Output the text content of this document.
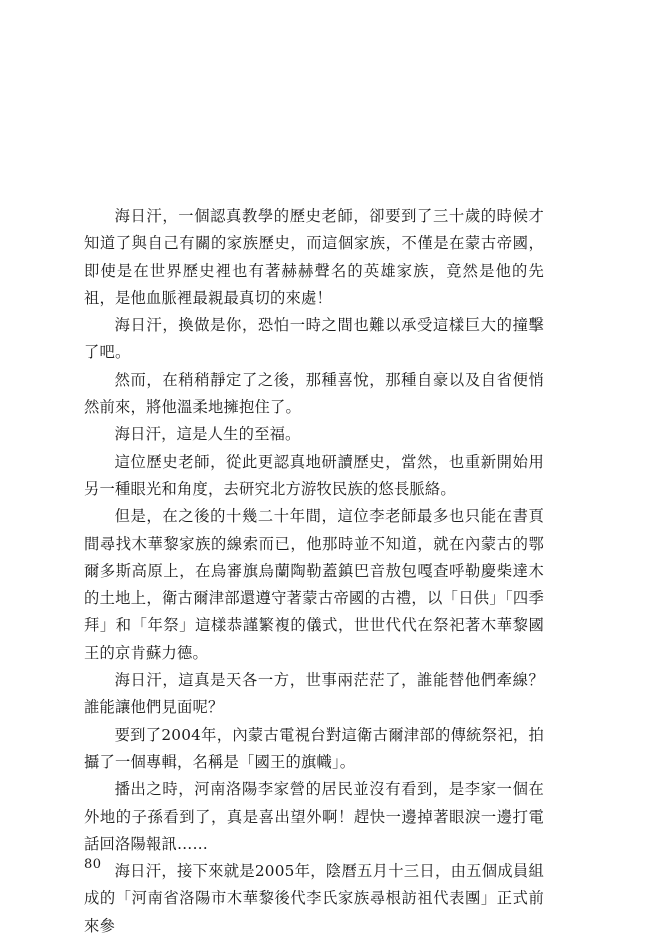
海日汗，一個認真教學的歷史老師，卻要到了三十歲的時候才知道了與自己有關的家族歷史，而這個家族，不僅是在蒙古帝國，即使是在世界歷史裡也有著赫赫聲名的英雄家族，竟然是他的先祖，是他血脈裡最親最真切的來處！

海日汗，換做是你，恐怕一時之間也難以承受這樣巨大的撞擊了吧。

然而，在稍稍靜定了之後，那種喜悅，那種自豪以及自省便悄然前來，將他溫柔地擁抱住了。

海日汗，這是人生的至福。

這位歷史老師，從此更認真地研讀歷史，當然，也重新開始用另一種眼光和角度，去研究北方游牧民族的悠長脈絡。

但是，在之後的十幾二十年間，這位李老師最多也只能在書頁間尋找木華黎家族的線索而已，他那時並不知道，就在內蒙古的鄂爾多斯高原上，在烏審旗烏蘭陶勒蓋鎮巴音敖包嘎查呼勒慶柴達木的土地上，衛古爾津部還遵守著蒙古帝國的古禮，以「日供」「四季拜」和「年祭」這樣恭謹繁複的儀式，世世代代在祭祀著木華黎國王的京肯蘇力德。

海日汗，這真是天各一方，世事兩茫茫了，誰能替他們牽線？誰能讓他們見面呢？

要到了2004年，內蒙古電視台對這衛古爾津部的傳統祭祀，拍攝了一個專輯，名稱是「國王的旗幟」。

播出之時，河南洛陽李家營的居民並沒有看到，是李家一個在外地的子孫看到了，真是喜出望外啊！趕快一邊掉著眼淚一邊打電話回洛陽報訊……

海日汗，接下來就是2005年，陰曆五月十三日，由五個成員組成的「河南省洛陽市木華黎後代李氏家族尋根訪祖代表團」正式前來參

80
